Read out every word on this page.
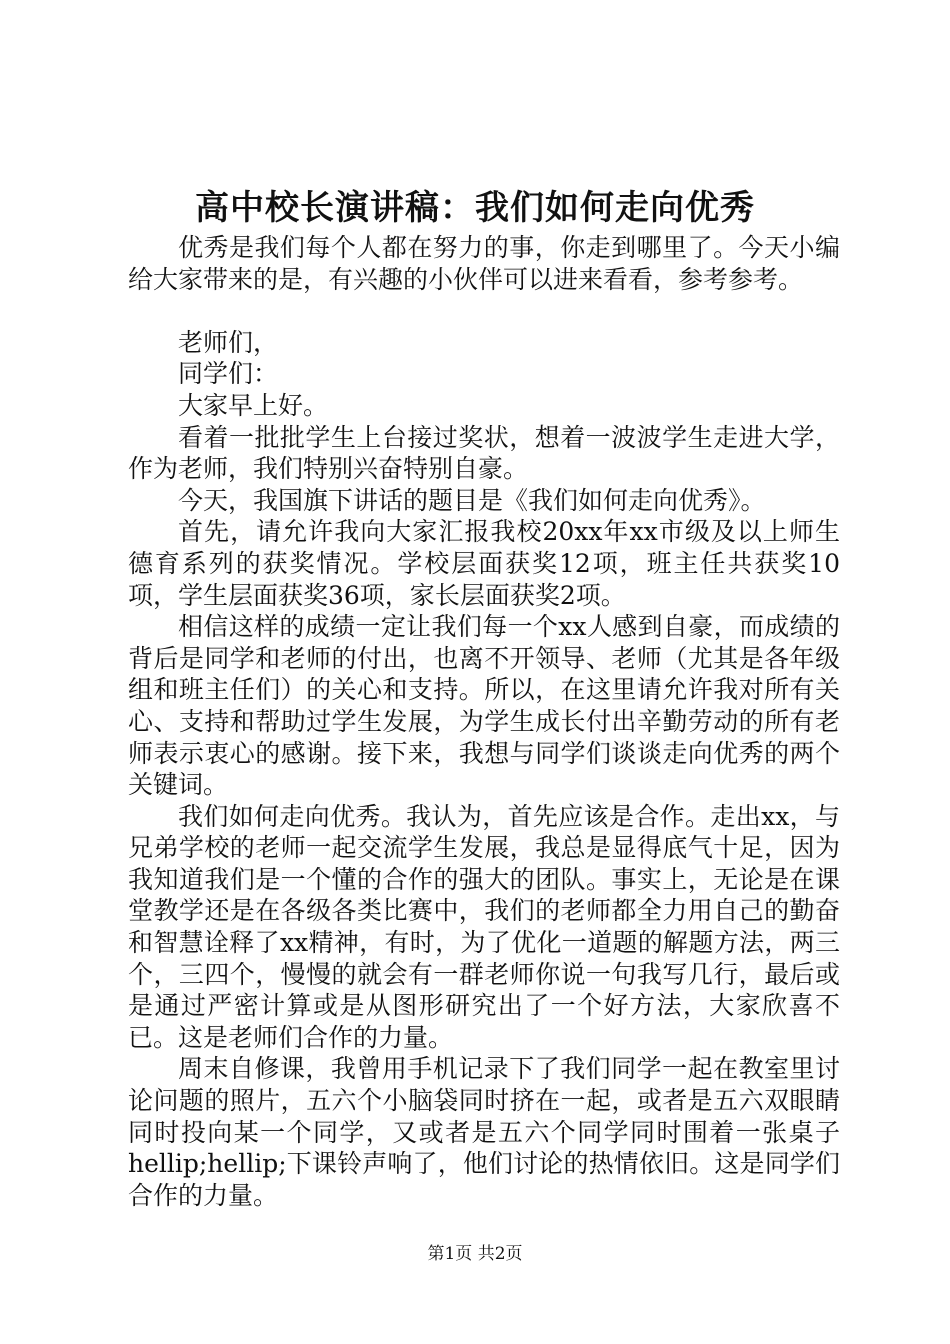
高中校长演讲稿：我们如何走向优秀

优秀是我们每个人都在努力的事，你走到哪里了。今天小编给大家带来的是，有兴趣的小伙伴可以进来看看，参考参考。

老师们，

同学们：

大家早上好。

看着一批批学生上台接过奖状，想着一波波学生走进大学，作为老师，我们特别兴奋特别自豪。

今天，我国旗下讲话的题目是《我们如何走向优秀》。

首先，请允许我向大家汇报我校20xx年xx市级及以上师生德育系列的获奖情况。学校层面获奖12项，班主任共获奖10项，学生层面获奖36项，家长层面获奖2项。

相信这样的成绩一定让我们每一个xx人感到自豪，而成绩的背后是同学和老师的付出，也离不开领导、老师（尤其是各年级组和班主任们）的关心和支持。所以，在这里请允许我对所有关心、支持和帮助过学生发展，为学生成长付出辛勤劳动的所有老师表示衷心的感谢。接下来，我想与同学们谈谈走向优秀的两个关键词。

我们如何走向优秀。我认为，首先应该是合作。走出xx，与兄弟学校的老师一起交流学生发展，我总是显得底气十足，因为我知道我们是一个懂的合作的强大的团队。事实上，无论是在课堂教学还是在各级各类比赛中，我们的老师都全力用自己的勤奋和智慧诠释了xx精神，有时，为了优化一道题的解题方法，两三个，三四个，慢慢的就会有一群老师你说一句我写几行，最后或是通过严密计算或是从图形研究出了一个好方法，大家欣喜不已。这是老师们合作的力量。

周末自修课，我曾用手机记录下了我们同学一起在教室里讨论问题的照片，五六个小脑袋同时挤在一起，或者是五六双眼睛同时投向某一个同学，又或者是五六个同学同时围着一张桌子hellip;hellip;下课铃声响了，他们讨论的热情依旧。这是同学们合作的力量。

第1页 共2页
